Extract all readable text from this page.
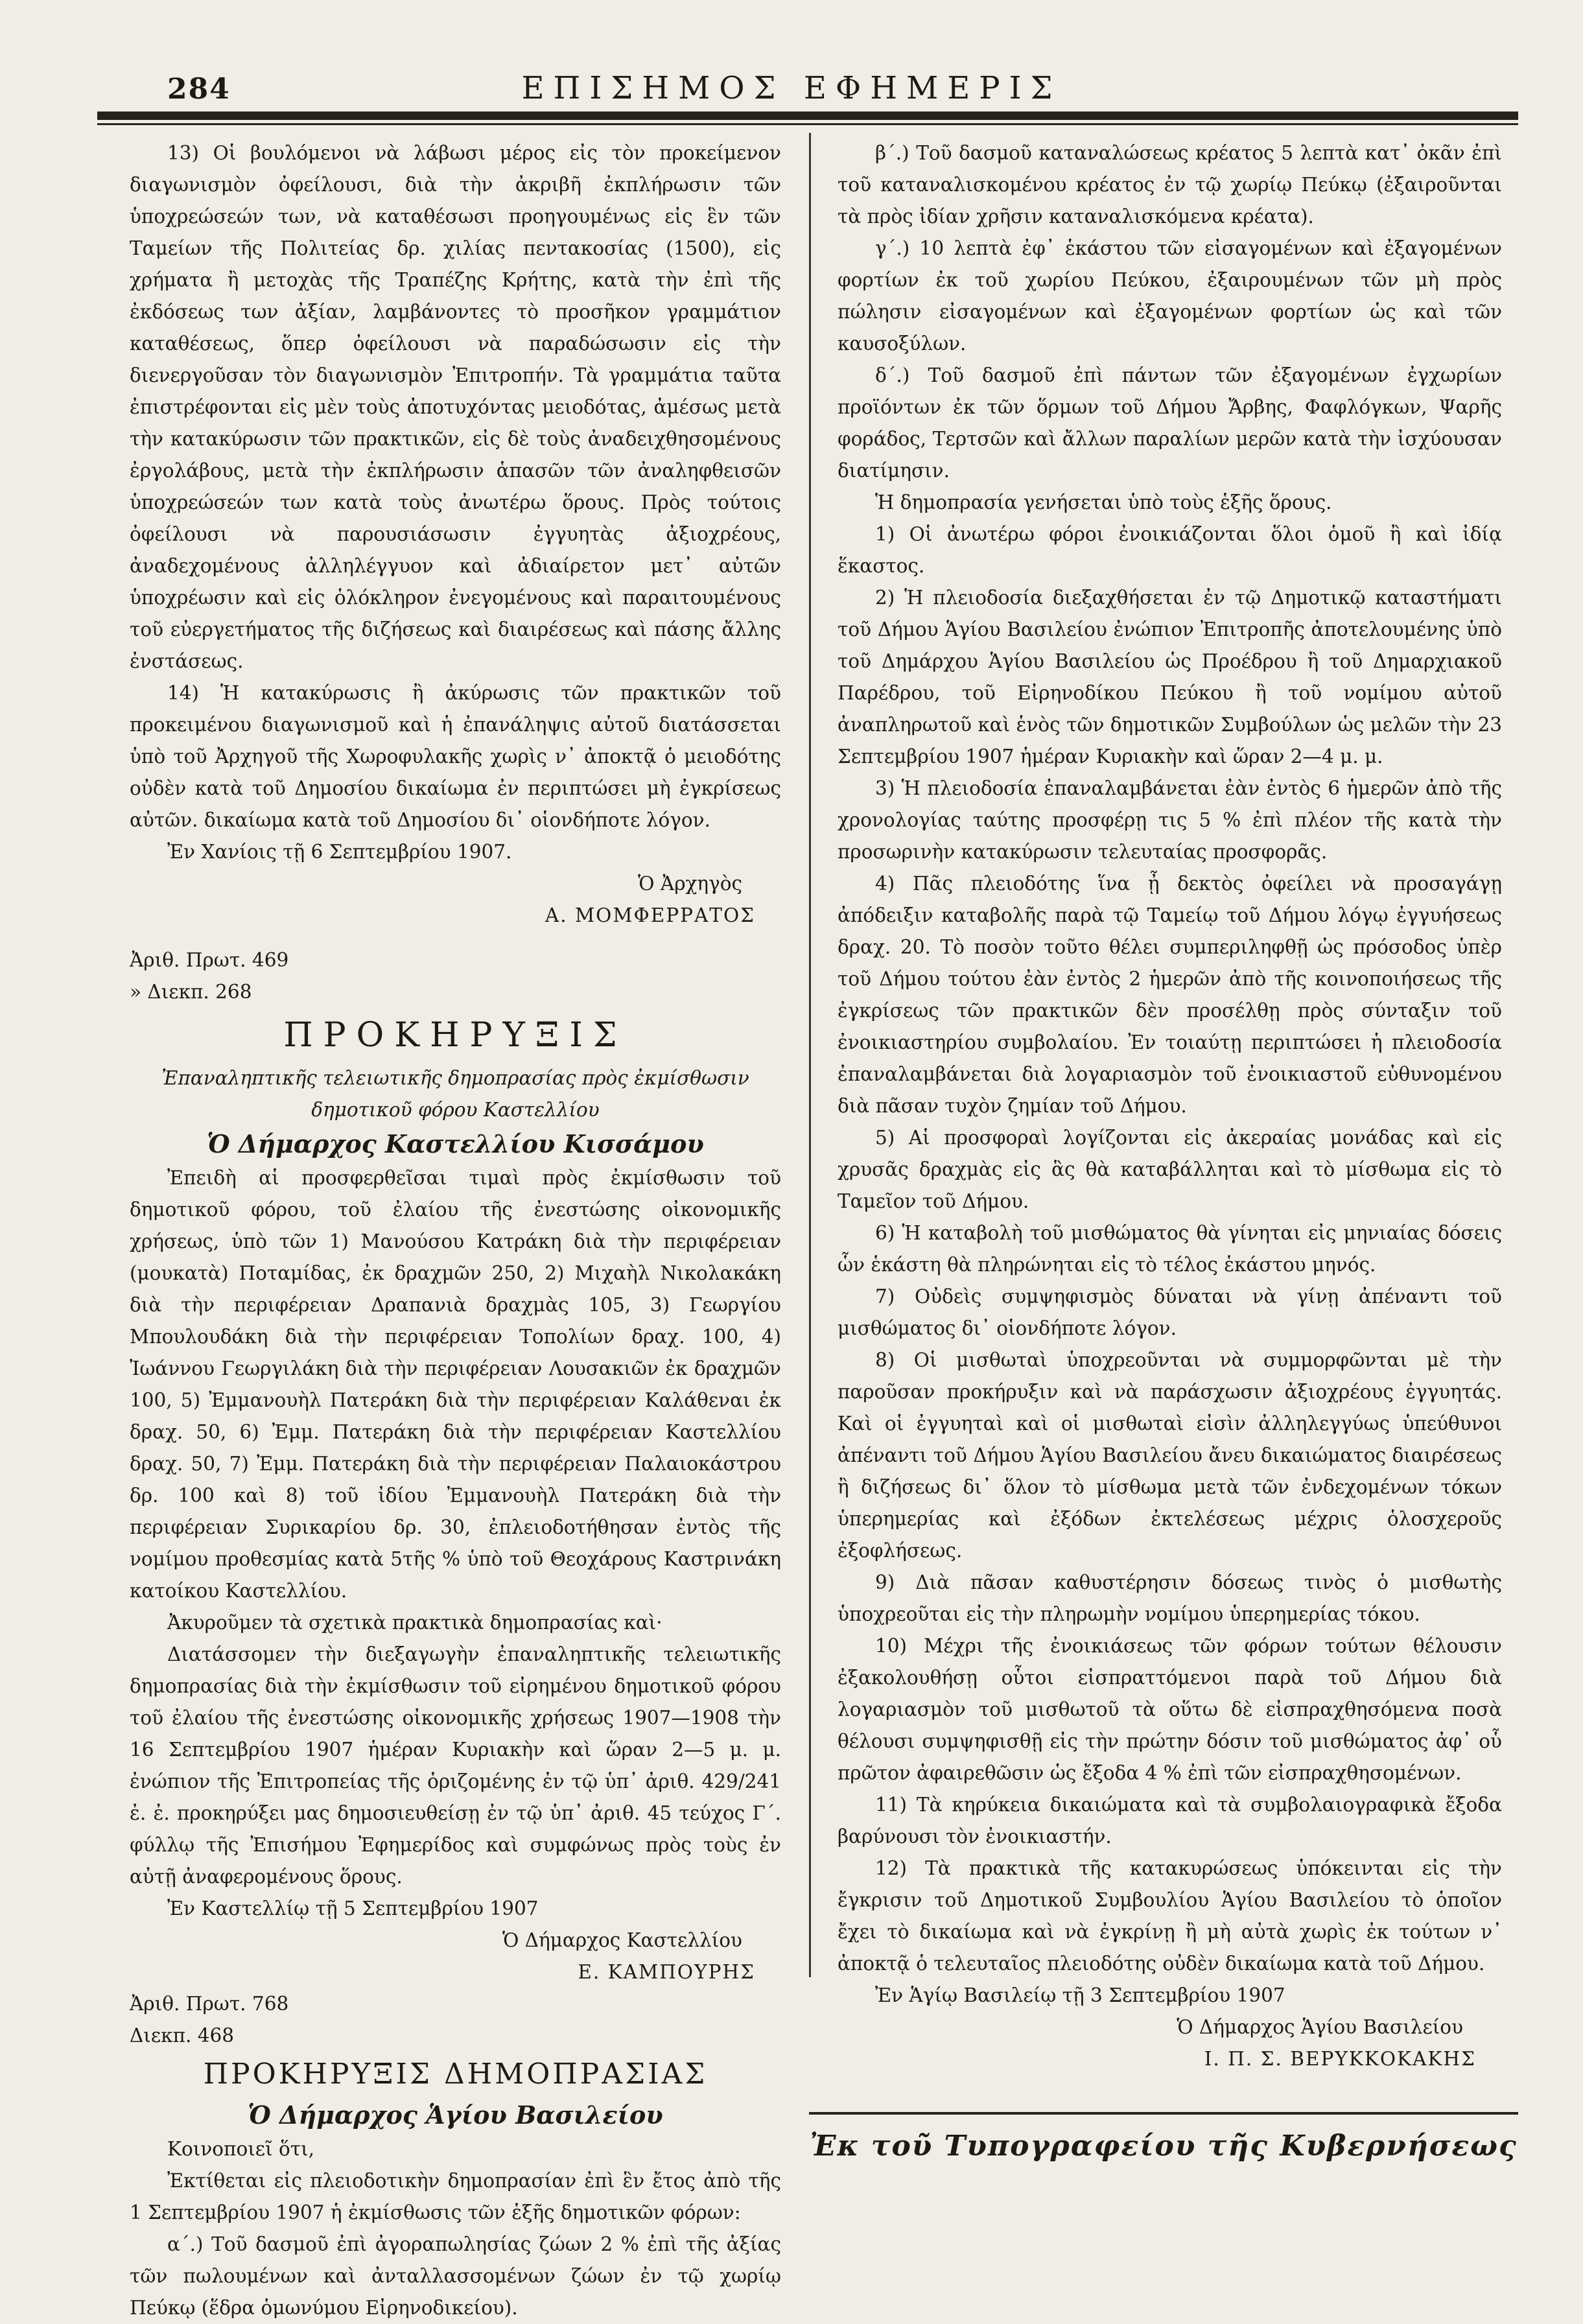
284	ΕΠΙΣΗΜΟΣ ΕΦΗΜΕΡΙΣ

13) Οἱ βουλόμενοι νὰ λάβωσι μέρος εἰς τὸν προκείμενον διαγωνισμὸν ὀφείλουσι, διὰ τὴν ἀκριβῆ ἐκπλήρωσιν τῶν ὑποχρεώσεών των, νὰ καταθέσωσι προηγουμένως εἰς ἓν τῶν Ταμείων τῆς Πολιτείας δρ. χιλίας πεντακοσίας (1500), εἰς χρήματα ἢ μετοχὰς τῆς Τραπέζης Κρήτης, κατὰ τὴν ἐπὶ τῆς ἐκδόσεως των ἀξίαν, λαμβάνοντες τὸ προσῆκον γραμμάτιον καταθέσεως, ὅπερ ὀφείλουσι νὰ παραδώσωσιν εἰς τὴν διενεργοῦσαν τὸν διαγωνισμὸν Ἐπιτροπήν. Τὰ γραμμάτια ταῦτα ἐπιστρέφονται εἰς μὲν τοὺς ἀποτυχόντας μειοδότας, ἀμέσως μετὰ τὴν κατακύρωσιν τῶν πρακτικῶν, εἰς δὲ τοὺς ἀναδειχθησομένους ἐργολάβους, μετὰ τὴν ἐκπλήρωσιν ἁπασῶν τῶν ἀναληφθεισῶν ὑποχρεώσεών των κατὰ τοὺς ἀνωτέρω ὅρους. Πρὸς τούτοις ὀφείλουσι νὰ παρουσιάσωσιν ἐγγυητὰς ἀξιοχρέους, ἀναδεχομένους ἀλληλέγγυον καὶ ἀδιαίρετον μετ᾽ αὐτῶν ὑποχρέωσιν καὶ εἰς ὁλόκληρον ἐνεγομένους καὶ παραιτουμένους τοῦ εὐεργετήματος τῆς διζήσεως καὶ διαιρέσεως καὶ πάσης ἄλλης ἐνστάσεως.

14) Ἡ κατακύρωσις ἢ ἀκύρωσις τῶν πρακτικῶν τοῦ προκειμένου διαγωνισμοῦ καὶ ἡ ἐπανάληψις αὐτοῦ διατάσσεται ὑπὸ τοῦ Ἀρχηγοῦ τῆς Χωροφυλακῆς χωρὶς ν᾽ ἀποκτᾷ ὁ μειοδότης οὐδὲν κατὰ τοῦ Δημοσίου δικαίωμα ἐν περιπτώσει μὴ ἐγκρίσεως αὐτῶν. δικαίωμα κατὰ τοῦ Δημοσίου δι᾽ οἱονδήποτε λόγον.

Ἐν Χανίοις τῇ 6 Σεπτεμβρίου 1907.

Ὁ Ἀρχηγὸς

Α. ΜΟΜΦΕΡΡΑΤΟΣ

Ἀριθ. Πρωτ. 469

» Διεκπ. 268

ΠΡΟΚΗΡΥΞΙΣ

Ἐπαναληπτικῆς τελειωτικῆς δημοπρασίας πρὸς ἐκμίσθωσιν δημοτικοῦ φόρου Καστελλίου

Ὁ Δήμαρχος Καστελλίου Κισσάμου

Ἐπειδὴ αἱ προσφερθεῖσαι τιμαὶ πρὸς ἐκμίσθωσιν τοῦ δημοτικοῦ φόρου, τοῦ ἐλαίου τῆς ἐνεστώσης οἰκονομικῆς χρήσεως, ὑπὸ τῶν 1) Μανούσου Κατράκη διὰ τὴν περιφέρειαν (μουκατὰ) Ποταμίδας, ἐκ δραχμῶν 250, 2) Μιχαὴλ Νικολακάκη διὰ τὴν περιφέρειαν Δραπανιὰ δραχμὰς 105, 3) Γεωργίου Μπουλουδάκη διὰ τὴν περιφέρειαν Τοπολίων δραχ. 100, 4) Ἰωάννου Γεωργιλάκη διὰ τὴν περιφέρειαν Λουσακιῶν ἐκ δραχμῶν 100, 5) Ἐμμανουὴλ Πατεράκη διὰ τὴν περιφέρειαν Καλάθεναι ἐκ δραχ. 50, 6) Ἐμμ. Πατεράκη διὰ τὴν περιφέρειαν Καστελλίου δραχ. 50, 7) Ἐμμ. Πατεράκη διὰ τὴν περιφέρειαν Παλαιοκάστρου δρ. 100 καὶ 8) τοῦ ἰδίου Ἐμμανουὴλ Πατεράκη διὰ τὴν περιφέρειαν Συρικαρίου δρ. 30, ἐπλειοδοτήθησαν ἐντὸς τῆς νομίμου προθεσμίας κατὰ 5τῆς % ὑπὸ τοῦ Θεοχάρους Καστρινάκη κατοίκου Καστελλίου.

Ἀκυροῦμεν τὰ σχετικὰ πρακτικὰ δημοπρασίας καὶ·

Διατάσσομεν τὴν διεξαγωγὴν ἐπαναληπτικῆς τελειωτικῆς δημοπρασίας διὰ τὴν ἐκμίσθωσιν τοῦ εἰρημένου δημοτικοῦ φόρου τοῦ ἐλαίου τῆς ἐνεστώσης οἰκονομικῆς χρήσεως 1907—1908 τὴν 16 Σεπτεμβρίου 1907 ἡμέραν Κυριακὴν καὶ ὥραν 2—5 μ. μ. ἐνώπιον τῆς Ἐπιτροπείας τῆς ὁριζομένης ἐν τῷ ὑπ᾽ ἀριθ. 429/241 ἐ. ἐ. προκηρύξει μας δημοσιευθείσῃ ἐν τῷ ὑπ᾽ ἀριθ. 45 τεύχος Γ΄. φύλλῳ τῆς Ἐπισήμου Ἐφημερίδος καὶ συμφώνως πρὸς τοὺς ἐν αὐτῇ ἀναφερομένους ὅρους.

Ἐν Καστελλίῳ τῇ 5 Σεπτεμβρίου 1907

Ὁ Δήμαρχος Καστελλίου

Ε. ΚΑΜΠΟΥΡΗΣ

Ἀριθ. Πρωτ. 768

Διεκπ. 468

ΠΡΟΚΗΡΥΞΙΣ ΔΗΜΟΠΡΑΣΙΑΣ

Ὁ Δήμαρχος Ἁγίου Βασιλείου

Κοινοποιεῖ ὅτι,

Ἐκτίθεται εἰς πλειοδοτικὴν δημοπρασίαν ἐπὶ ἓν ἔτος ἀπὸ τῆς 1 Σεπτεμβρίου 1907 ἡ ἐκμίσθωσις τῶν ἑξῆς δημοτικῶν φόρων:

α΄.) Τοῦ δασμοῦ ἐπὶ ἀγοραπωλησίας ζώων 2 % ἐπὶ τῆς ἀξίας τῶν πωλουμένων καὶ ἀνταλλασσομένων ζώων ἐν τῷ χωρίῳ Πεύκῳ (ἕδρα ὁμωνύμου Εἰρηνοδικείου).

β΄.) Τοῦ δασμοῦ καταναλώσεως κρέατος 5 λεπτὰ κατ᾽ ὀκᾶν ἐπὶ τοῦ καταναλισκομένου κρέατος ἐν τῷ χωρίῳ Πεύκῳ (ἐξαιροῦνται τὰ πρὸς ἰδίαν χρῆσιν καταναλισκόμενα κρέατα).

γ΄.) 10 λεπτὰ ἐφ᾽ ἑκάστου τῶν εἰσαγομένων καὶ ἐξαγομένων φορτίων ἐκ τοῦ χωρίου Πεύκου, ἐξαιρουμένων τῶν μὴ πρὸς πώλησιν εἰσαγομένων καὶ ἐξαγομένων φορτίων ὡς καὶ τῶν καυσοξύλων.

δ΄.) Τοῦ δασμοῦ ἐπὶ πάντων τῶν ἐξαγομένων ἐγχωρίων προϊόντων ἐκ τῶν ὅρμων τοῦ Δήμου Ἄρβης, Φαφλόγκων, Ψαρῆς φοράδος, Τερτσῶν καὶ ἄλλων παραλίων μερῶν κατὰ τὴν ἰσχύουσαν διατίμησιν.

Ἡ δημοπρασία γενήσεται ὑπὸ τοὺς ἑξῆς ὅρους.

1) Οἱ ἀνωτέρω φόροι ἐνοικιάζονται ὅλοι ὁμοῦ ἢ καὶ ἰδίᾳ ἕκαστος.

2) Ἡ πλειοδοσία διεξαχθήσεται ἐν τῷ Δημοτικῷ καταστήματι τοῦ Δήμου Ἁγίου Βασιλείου ἐνώπιον Ἐπιτροπῆς ἀποτελουμένης ὑπὸ τοῦ Δημάρχου Ἁγίου Βασιλείου ὡς Προέδρου ἢ τοῦ Δημαρχιακοῦ Παρέδρου, τοῦ Εἰρηνοδίκου Πεύκου ἢ τοῦ νομίμου αὐτοῦ ἀναπληρωτοῦ καὶ ἑνὸς τῶν δημοτικῶν Συμβούλων ὡς μελῶν τὴν 23 Σεπτεμβρίου 1907 ἡμέραν Κυριακὴν καὶ ὥραν 2—4 μ. μ.

3) Ἡ πλειοδοσία ἐπαναλαμβάνεται ἐὰν ἐντὸς 6 ἡμερῶν ἀπὸ τῆς χρονολογίας ταύτης προσφέρῃ τις 5 % ἐπὶ πλέον τῆς κατὰ τὴν προσωρινὴν κατακύρωσιν τελευταίας προσφορᾶς.

4) Πᾶς πλειοδότης ἵνα ᾖ δεκτὸς ὀφείλει νὰ προσαγάγῃ ἀπόδειξιν καταβολῆς παρὰ τῷ Ταμείῳ τοῦ Δήμου λόγῳ ἐγγυήσεως δραχ. 20. Τὸ ποσὸν τοῦτο θέλει συμπεριληφθῇ ὡς πρόσοδος ὑπὲρ τοῦ Δήμου τούτου ἐὰν ἐντὸς 2 ἡμερῶν ἀπὸ τῆς κοινοποιήσεως τῆς ἐγκρίσεως τῶν πρακτικῶν δὲν προσέλθῃ πρὸς σύνταξιν τοῦ ἐνοικιαστηρίου συμβολαίου. Ἐν τοιαύτῃ περιπτώσει ἡ πλειοδοσία ἐπαναλαμβάνεται διὰ λογαριασμὸν τοῦ ἐνοικιαστοῦ εὐθυνομένου διὰ πᾶσαν τυχὸν ζημίαν τοῦ Δήμου.

5) Αἱ προσφοραὶ λογίζονται εἰς ἀκεραίας μονάδας καὶ εἰς χρυσᾶς δραχμὰς εἰς ἃς θὰ καταβάλληται καὶ τὸ μίσθωμα εἰς τὸ Ταμεῖον τοῦ Δήμου.

6) Ἡ καταβολὴ τοῦ μισθώματος θὰ γίνηται εἰς μηνιαίας δόσεις ὧν ἑκάστη θὰ πληρώνηται εἰς τὸ τέλος ἑκάστου μηνός.

7) Οὐδεὶς συμψηφισμὸς δύναται νὰ γίνῃ ἀπέναντι τοῦ μισθώματος δι᾽ οἱονδήποτε λόγον.

8) Οἱ μισθωταὶ ὑποχρεοῦνται νὰ συμμορφῶνται μὲ τὴν παροῦσαν προκήρυξιν καὶ νὰ παράσχωσιν ἀξιοχρέους ἐγγυητάς. Καὶ οἱ ἐγγυηταὶ καὶ οἱ μισθωταὶ εἰσὶν ἀλληλεγγύως ὑπεύθυνοι ἀπέναντι τοῦ Δήμου Ἁγίου Βασιλείου ἄνευ δικαιώματος διαιρέσεως ἢ διζήσεως δι᾽ ὅλον τὸ μίσθωμα μετὰ τῶν ἐνδεχομένων τόκων ὑπερημερίας καὶ ἐξόδων ἐκτελέσεως μέχρις ὁλοσχεροῦς ἐξοφλήσεως.

9) Διὰ πᾶσαν καθυστέρησιν δόσεως τινὸς ὁ μισθωτὴς ὑποχρεοῦται εἰς τὴν πληρωμὴν νομίμου ὑπερημερίας τόκου.

10) Μέχρι τῆς ἐνοικιάσεως τῶν φόρων τούτων θέλουσιν ἐξακολουθήσῃ οὗτοι εἰσπραττόμενοι παρὰ τοῦ Δήμου διὰ λογαριασμὸν τοῦ μισθωτοῦ τὰ οὕτω δὲ εἰσπραχθησόμενα ποσὰ θέλουσι συμψηφισθῇ εἰς τὴν πρώτην δόσιν τοῦ μισθώματος ἀφ᾽ οὗ πρῶτον ἀφαιρεθῶσιν ὡς ἔξοδα 4 % ἐπὶ τῶν εἰσπραχθησομένων.

11) Τὰ κηρύκεια δικαιώματα καὶ τὰ συμβολαιογραφικὰ ἔξοδα βαρύνουσι τὸν ἐνοικιαστήν.

12) Τὰ πρακτικὰ τῆς κατακυρώσεως ὑπόκεινται εἰς τὴν ἔγκρισιν τοῦ Δημοτικοῦ Συμβουλίου Ἁγίου Βασιλείου τὸ ὁποῖον ἔχει τὸ δικαίωμα καὶ νὰ ἐγκρίνῃ ἢ μὴ αὐτὰ χωρὶς ἐκ τούτων ν᾽ ἀποκτᾷ ὁ τελευταῖος πλειοδότης οὐδὲν δικαίωμα κατὰ τοῦ Δήμου.

Ἐν Ἁγίῳ Βασιλείῳ τῇ 3 Σεπτεμβρίου 1907

Ὁ Δήμαρχος Ἁγίου Βασιλείου

Ι. Π. Σ. ΒΕΡΥΚΚΟΚΑΚΗΣ

Ἐκ τοῦ Τυπογραφείου τῆς Κυβερνήσεως
